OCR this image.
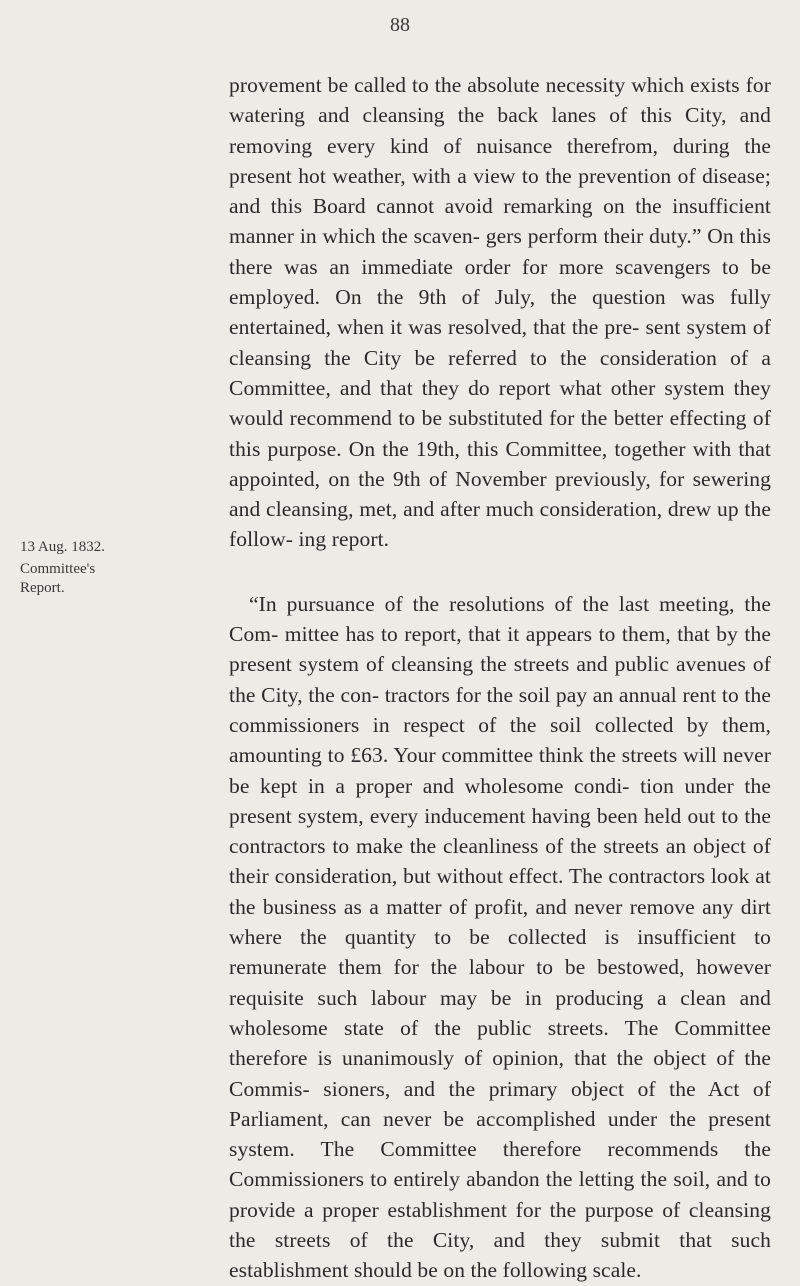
88
13 Aug. 1832.
Committee's
Report.

provement be called to the absolute necessity which exists for watering and cleansing the back lanes of this City, and removing every kind of nuisance therefrom, during the present hot weather, with a view to the prevention of disease; and this Board cannot avoid remarking on the insufficient manner in which the scaven- gers perform their duty.” On this there was an immediate order for more scavengers to be employed. On the 9th of July, the question was fully entertained, when it was resolved, that the pre- sent system of cleansing the City be referred to the consideration of a Committee, and that they do report what other system they would recommend to be substituted for the better effecting of this purpose. On the 19th, this Committee, together with that appointed, on the 9th of November previously, for sewering and cleansing, met, and after much consideration, drew up the follow- ing report.

“In pursuance of the resolutions of the last meeting, the Com- mittee has to report, that it appears to them, that by the present system of cleansing the streets and public avenues of the City, the con- tractors for the soil pay an annual rent to the commissioners in respect of the soil collected by them, amounting to £63. Your committee think the streets will never be kept in a proper and wholesome condi- tion under the present system, every inducement having been held out to the contractors to make the cleanliness of the streets an object of their consideration, but without effect. The contractors look at the business as a matter of profit, and never remove any dirt where the quantity to be collected is insufficient to remunerate them for the labour to be bestowed, however requisite such labour may be in producing a clean and wholesome state of the public streets. The Committee therefore is unanimously of opinion, that the object of the Commis- sioners, and the primary object of the Act of Parliament, can never be accomplished under the present system. The Committee therefore recommends the Commissioners to entirely abandon the letting the soil, and to provide a proper establishment for the purpose of cleansing the streets of the City, and they submit that such establishment should be on the following scale.
